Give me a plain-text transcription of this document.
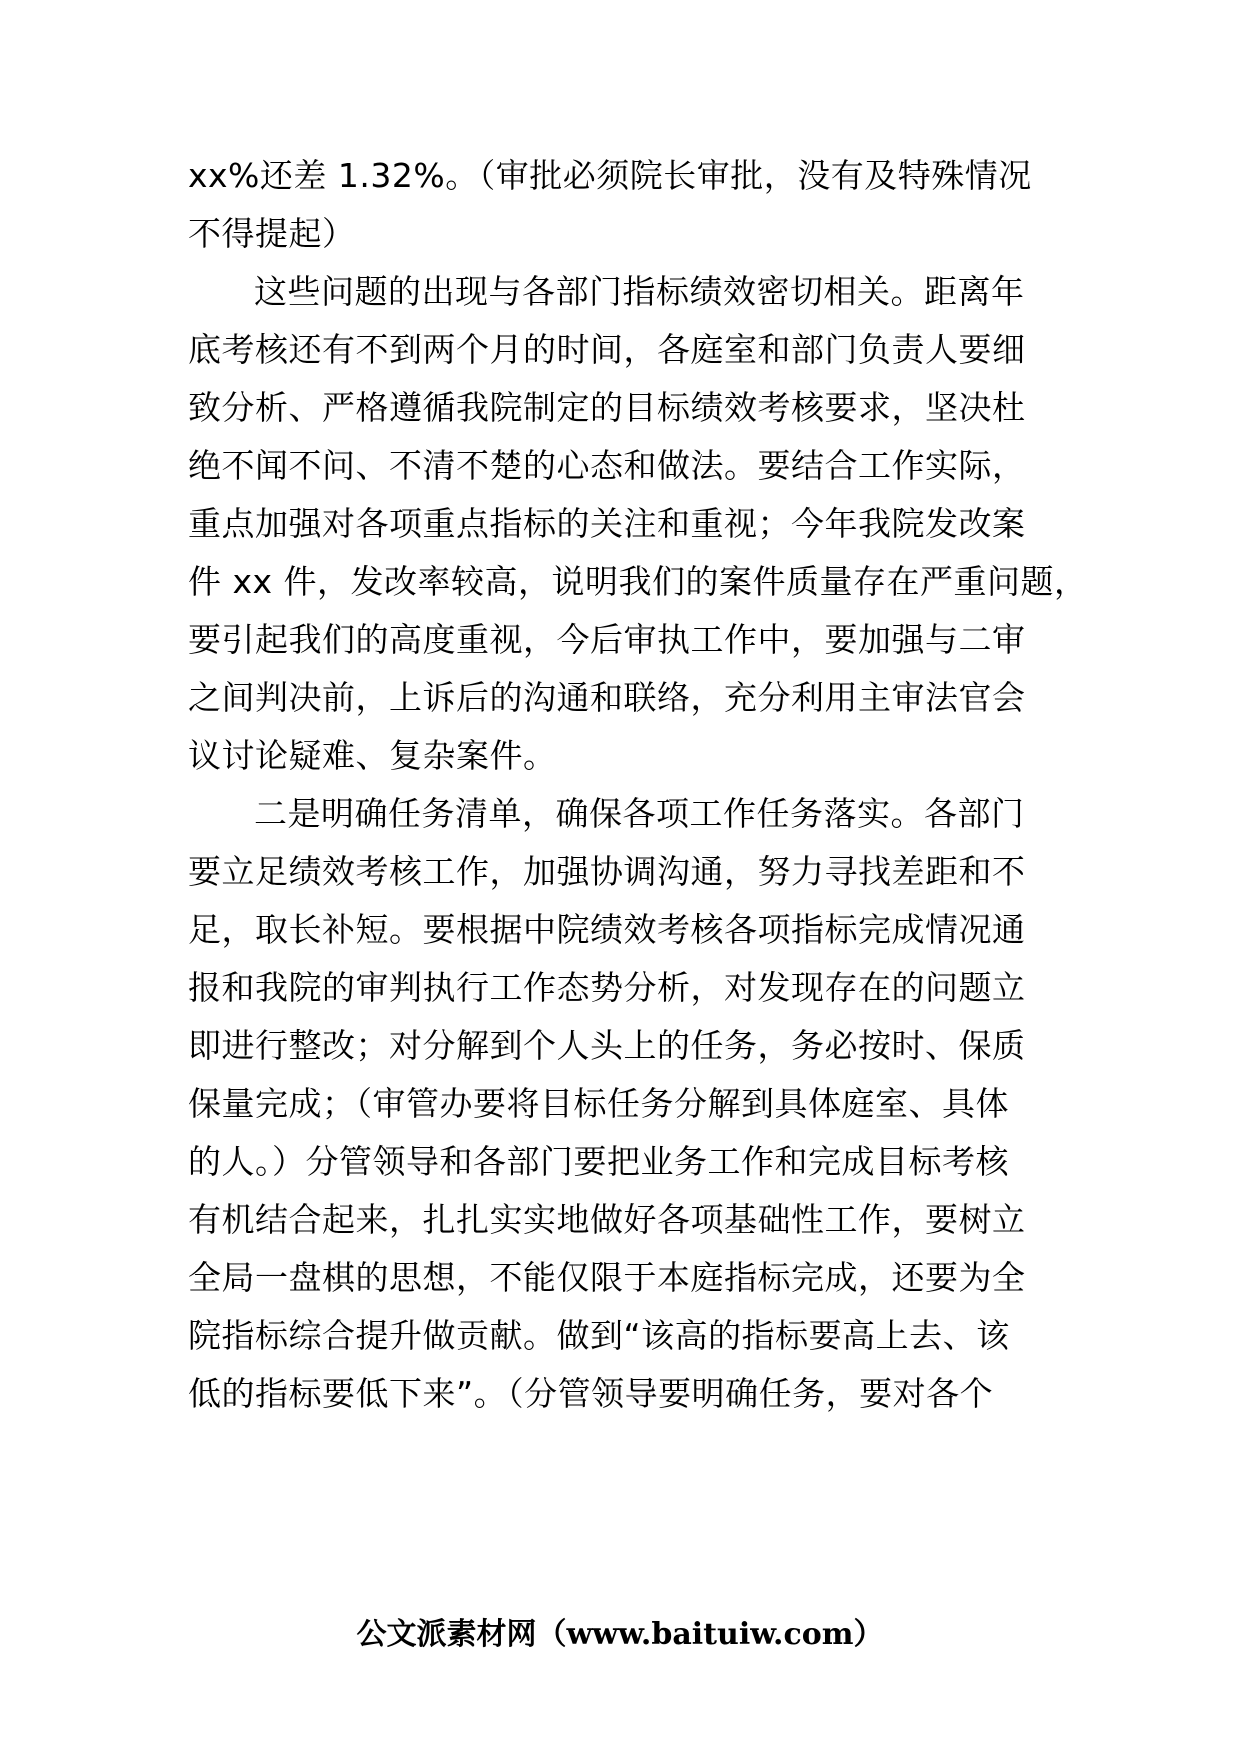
xx%还差 1.32%。（审批必须院长审批，没有及特殊情况
不得提起）
这些问题的出现与各部门指标绩效密切相关。距离年
底考核还有不到两个月的时间，各庭室和部门负责人要细
致分析、严格遵循我院制定的目标绩效考核要求，坚决杜
绝不闻不问、不清不楚的心态和做法。要结合工作实际，
重点加强对各项重点指标的关注和重视；今年我院发改案
件 xx 件，发改率较高，说明我们的案件质量存在严重问题，
要引起我们的高度重视，今后审执工作中，要加强与二审
之间判决前，上诉后的沟通和联络，充分利用主审法官会
议讨论疑难、复杂案件。
二是明确任务清单，确保各项工作任务落实。各部门
要立足绩效考核工作，加强协调沟通，努力寻找差距和不
足，取长补短。要根据中院绩效考核各项指标完成情况通
报和我院的审判执行工作态势分析，对发现存在的问题立
即进行整改；对分解到个人头上的任务，务必按时、保质
保量完成；（审管办要将目标任务分解到具体庭室、具体
的人。）分管领导和各部门要把业务工作和完成目标考核
有机结合起来，扎扎实实地做好各项基础性工作，要树立
全局一盘棋的思想，不能仅限于本庭指标完成，还要为全
院指标综合提升做贡献。做到“该高的指标要高上去、该
低的指标要低下来”。（分管领导要明确任务，要对各个
公文派素材网（www.baituiw.com）
